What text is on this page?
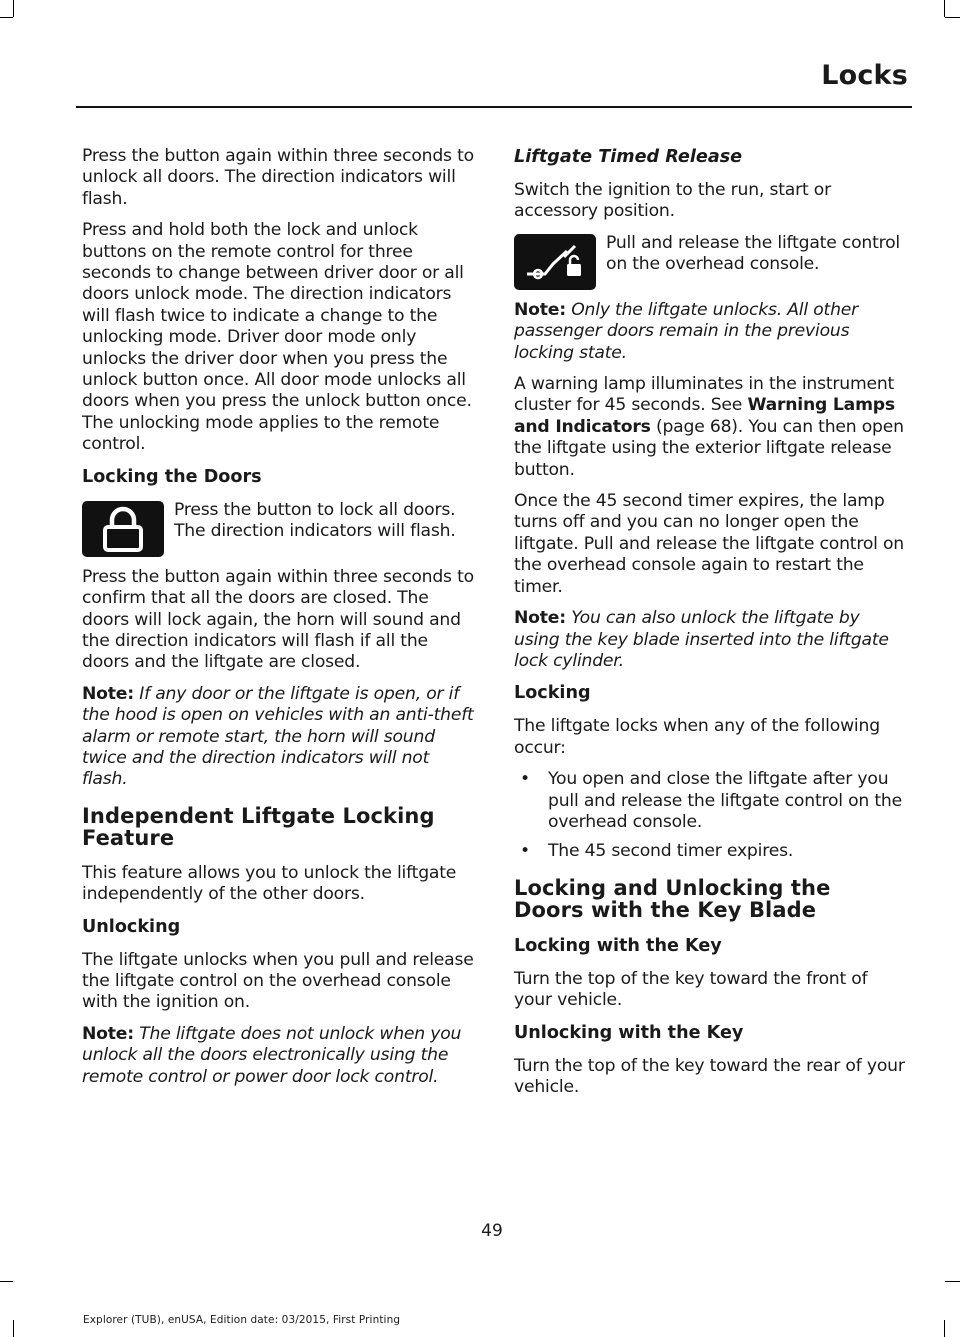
Locks

Press the button again within three seconds to unlock all doors. The direction indicators will flash.

Press and hold both the lock and unlock buttons on the remote control for three seconds to change between driver door or all doors unlock mode. The direction indicators will flash twice to indicate a change to the unlocking mode. Driver door mode only unlocks the driver door when you press the unlock button once. All door mode unlocks all doors when you press the unlock button once. The unlocking mode applies to the remote control.

Locking the Doors

Press the button to lock all doors. The direction indicators will flash.

Press the button again within three seconds to confirm that all the doors are closed. The doors will lock again, the horn will sound and the direction indicators will flash if all the doors and the liftgate are closed.

Note: If any door or the liftgate is open, or if the hood is open on vehicles with an anti-theft alarm or remote start, the horn will sound twice and the direction indicators will not flash.

Independent Liftgate Locking Feature

This feature allows you to unlock the liftgate independently of the other doors.

Unlocking

The liftgate unlocks when you pull and release the liftgate control on the overhead console with the ignition on.

Note: The liftgate does not unlock when you unlock all the doors electronically using the remote control or power door lock control.

Liftgate Timed Release

Switch the ignition to the run, start or accessory position.

Pull and release the liftgate control on the overhead console.

Note: Only the liftgate unlocks. All other passenger doors remain in the previous locking state.

A warning lamp illuminates in the instrument cluster for 45 seconds. See Warning Lamps and Indicators (page 68). You can then open the liftgate using the exterior liftgate release button.

Once the 45 second timer expires, the lamp turns off and you can no longer open the liftgate. Pull and release the liftgate control on the overhead console again to restart the timer.

Note: You can also unlock the liftgate by using the key blade inserted into the liftgate lock cylinder.

Locking

The liftgate locks when any of the following occur:

• You open and close the liftgate after you pull and release the liftgate control on the overhead console.
• The 45 second timer expires.
Locking and Unlocking the Doors with the Key Blade
Locking with the Key

Turn the top of the key toward the front of your vehicle.

Unlocking with the Key

Turn the top of the key toward the rear of your vehicle.

49
Explorer (TUB), enUSA, Edition date: 03/2015, First Printing
